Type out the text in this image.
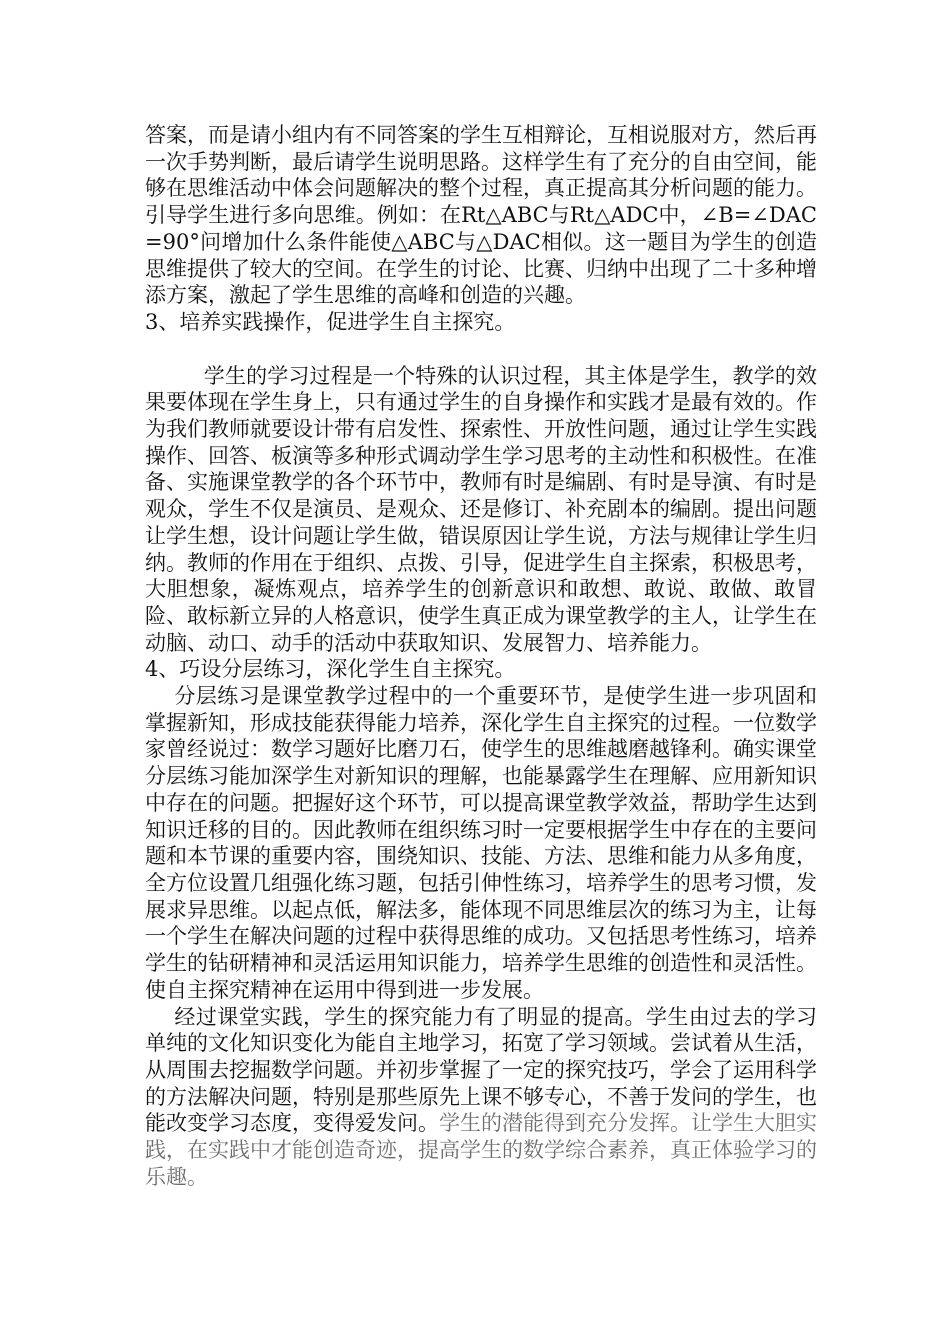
答案，而是请小组内有不同答案的学生互相辩论，互相说服对方，然后再一次手势判断，最后请学生说明思路。这样学生有了充分的自由空间，能够在思维活动中体会问题解决的整个过程，真正提高其分析问题的能力。

引导学生进行多向思维。例如：在Rt△ABC与Rt△ADC中，∠B=∠DAC=90°问增加什么条件能使△ABC与△DAC相似。这一题目为学生的创造思维提供了较大的空间。在学生的讨论、比赛、归纳中出现了二十多种增添方案，激起了学生思维的高峰和创造的兴趣。

3、培养实践操作，促进学生自主探究。

学生的学习过程是一个特殊的认识过程，其主体是学生，教学的效果要体现在学生身上，只有通过学生的自身操作和实践才是最有效的。作为我们教师就要设计带有启发性、探索性、开放性问题，通过让学生实践操作、回答、板演等多种形式调动学生学习思考的主动性和积极性。在准备、实施课堂教学的各个环节中，教师有时是编剧、有时是导演、有时是观众，学生不仅是演员、是观众、还是修订、补充剧本的编剧。提出问题让学生想，设计问题让学生做，错误原因让学生说，方法与规律让学生归纳。教师的作用在于组织、点拨、引导，促进学生自主探索，积极思考，大胆想象，凝炼观点，培养学生的创新意识和敢想、敢说、敢做、敢冒险、敢标新立异的人格意识，使学生真正成为课堂教学的主人，让学生在动脑、动口、动手的活动中获取知识、发展智力、培养能力。

4、巧设分层练习，深化学生自主探究。

分层练习是课堂教学过程中的一个重要环节，是使学生进一步巩固和掌握新知，形成技能获得能力培养，深化学生自主探究的过程。一位数学家曾经说过：数学习题好比磨刀石，使学生的思维越磨越锋利。确实课堂分层练习能加深学生对新知识的理解，也能暴露学生在理解、应用新知识中存在的问题。把握好这个环节，可以提高课堂教学效益，帮助学生达到知识迁移的目的。因此教师在组织练习时一定要根据学生中存在的主要问题和本节课的重要内容，围绕知识、技能、方法、思维和能力从多角度，全方位设置几组强化练习题，包括引伸性练习，培养学生的思考习惯，发展求异思维。以起点低，解法多，能体现不同思维层次的练习为主，让每一个学生在解决问题的过程中获得思维的成功。又包括思考性练习，培养学生的钻研精神和灵活运用知识能力，培养学生思维的创造性和灵活性。使自主探究精神在运用中得到进一步发展。

经过课堂实践，学生的探究能力有了明显的提高。学生由过去的学习单纯的文化知识变化为能自主地学习，拓宽了学习领域。尝试着从生活，从周围去挖掘数学问题。并初步掌握了一定的探究技巧，学会了运用科学的方法解决问题，特别是那些原先上课不够专心，不善于发问的学生，也能改变学习态度，变得爱发问。学生的潜能得到充分发挥。让学生大胆实践，在实践中才能创造奇迹，提高学生的数学综合素养，真正体验学习的乐趣。
